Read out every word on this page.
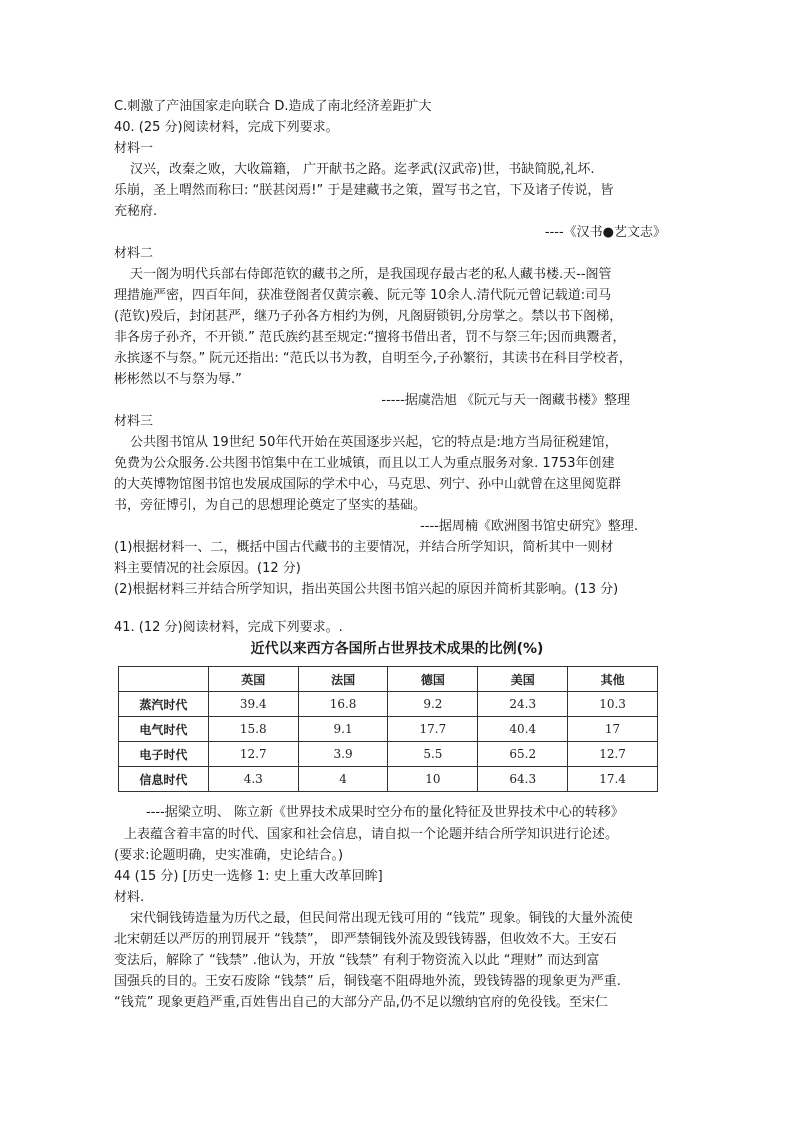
C.刺激了产油国家走向联合 D.造成了南北经济差距扩大
40. (25 分)阅读材料，完成下列要求。
材料一
汉兴，改秦之败，大收篇籍， 广开献书之路。迄孝武(汉武帝)世，书缺简脱,礼坏.
乐崩，圣上喟然而称曰: “朕甚闵焉!” 于是建藏书之策，置写书之官，下及诸子传说，皆
充秘府.
----《汉书●艺文志》
材料二
天一阁为明代兵部右侍郎范钦的藏书之所，是我国现存最古老的私人藏书楼.天--阁管
理措施严密，四百年间，获准登阁者仅黄宗羲、阮元等 10余人.清代阮元曾记载道:司马
(范钦)殁后，封闭甚严，继乃子孙各方相约为例，凡阁厨锁钥,分房掌之。禁以书下阁梯，
非各房子孙齐，不开锁.” 范氏族约甚至规定:“擅将书借出者，罚不与祭三年;因而典鬻者，
永摈逐不与祭。” 阮元还指出: “范氏以书为教，自明至今,子孙繁衍，其读书在科目学校者，
彬彬然以不与祭为辱.”
-----据虞浩旭 《阮元与天一阁藏书楼》整理
材料三
公共图书馆从 19世纪 50年代开始在英国逐步兴起，它的特点是:地方当局征税建馆，
免费为公众服务.公共图书馆集中在工业城镇，而且以工人为重点服务对象. 1753年创建
的大英博物馆图书馆也发展成国际的学术中心，马克思、列宁、孙中山就曾在这里阅览群
书，旁征博引，为自己的思想理论奠定了坚实的基础。
----据周楠《欧洲图书馆史研究》整理.
(1)根据材料一、二，概括中国古代藏书的主要情况，并结合所学知识，简析其中一则材
料主要情况的社会原因。(12 分)
(2)根据材料三并结合所学知识，指出英国公共图书馆兴起的原因并简析其影响。(13 分)
41. (12 分)阅读材料，完成下列要求。.
近代以来西方各国所占世界技术成果的比例(%)
	英国	法国	德国	美国	其他
蒸汽时代	39.4	16.8	9.2	24.3	10.3
电气时代	15.8	9.1	17.7	40.4	17
电子时代	12.7	3.9	5.5	65.2	12.7
信息时代	4.3	4	10	64.3	17.4
----据梁立明、 陈立新《世界技术成果时空分布的量化特征及世界技术中心的转移》
上表蕴含着丰富的时代、国家和社会信息，请自拟一个论题并结合所学知识进行论述。
(要求:论题明确，史实准确，史论结合。)
44 (15 分) [历史一选修 1: 史上重大改革回眸]
材料.
宋代铜钱铸造量为历代之最，但民间常出现无钱可用的 “钱荒” 现象。铜钱的大量外流使
北宋朝廷以严厉的刑罚展开 “钱禁”， 即严禁铜钱外流及毁钱铸器，但收效不大。王安石
变法后，解除了 “钱禁” .他认为，开放 “钱禁” 有利于物资流入以此 “理财” 而达到富
国强兵的目的。王安石废除 “钱禁” 后，铜钱毫不阻碍地外流，毁钱铸器的现象更为严重.
“钱荒” 现象更趋严重,百姓售出自己的大部分产品,仍不足以缴纳官府的免役钱。至宋仁
